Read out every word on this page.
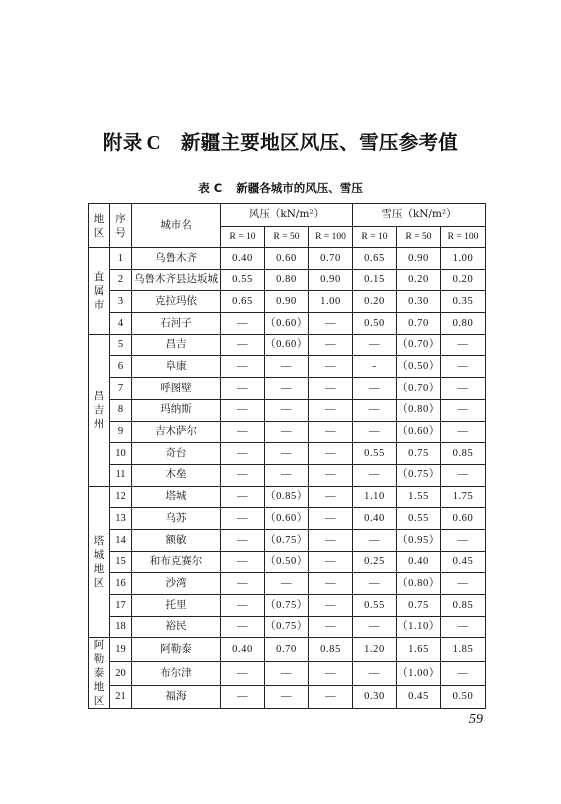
附录 C 新疆主要地区风压、雪压参考值
表 C 新疆各城市的风压、雪压
地
区	序
号	城市名	风压（kN/m²）			雪压（kN/m²）		
			R = 10	R = 50	R = 100	R = 10	R = 50	R = 100

直
属
市	1	乌鲁木齐	0.40	0.60	0.70	0.65	0.90	1.00
	2	乌鲁木齐县达坂城	0.55	0.80	0.90	0.15	0.20	0.20
	3	克拉玛依	0.65	0.90	1.00	0.20	0.30	0.35
	4	石河子	—	（0.60）	—	0.50	0.70	0.80

昌
吉
州	5	昌吉	—	（0.60）	—	—	（0.70）	—
	6	阜康	—	—	—	-	（0.50）	—
	7	呼图壁	—	—	—	—	（0.70）	—
	8	玛纳斯	—	—	—	—	（0.80）	—
	9	吉木萨尔	—	—	—	—	（0.60）	—
	10	奇台	—	—	—	0.55	0.75	0.85
	11	木垒	—	—	—	—	（0.75）	—

塔
城
地
区	12	塔城	—	（0.85）	—	1.10	1.55	1.75
	13	乌苏	—	（0.60）	—	0.40	0.55	0.60
	14	额敏	—	（0.75）	—	—	（0.95）	—
	15	和布克赛尔	—	（0.50）	—	0.25	0.40	0.45
	16	沙湾	—	—	—	—	（0.80）	—
	17	托里	—	（0.75）	—	0.55	0.75	0.85
	18	裕民	—	（0.75）	—	—	（1.10）	—

阿
勒
泰
地
区	19	阿勒泰	0.40	0.70	0.85	1.20	1.65	1.85
	20	布尔津	—	—	—	—	（1.00）	—
	21	福海	—	—	—	0.30	0.45	0.50
59
